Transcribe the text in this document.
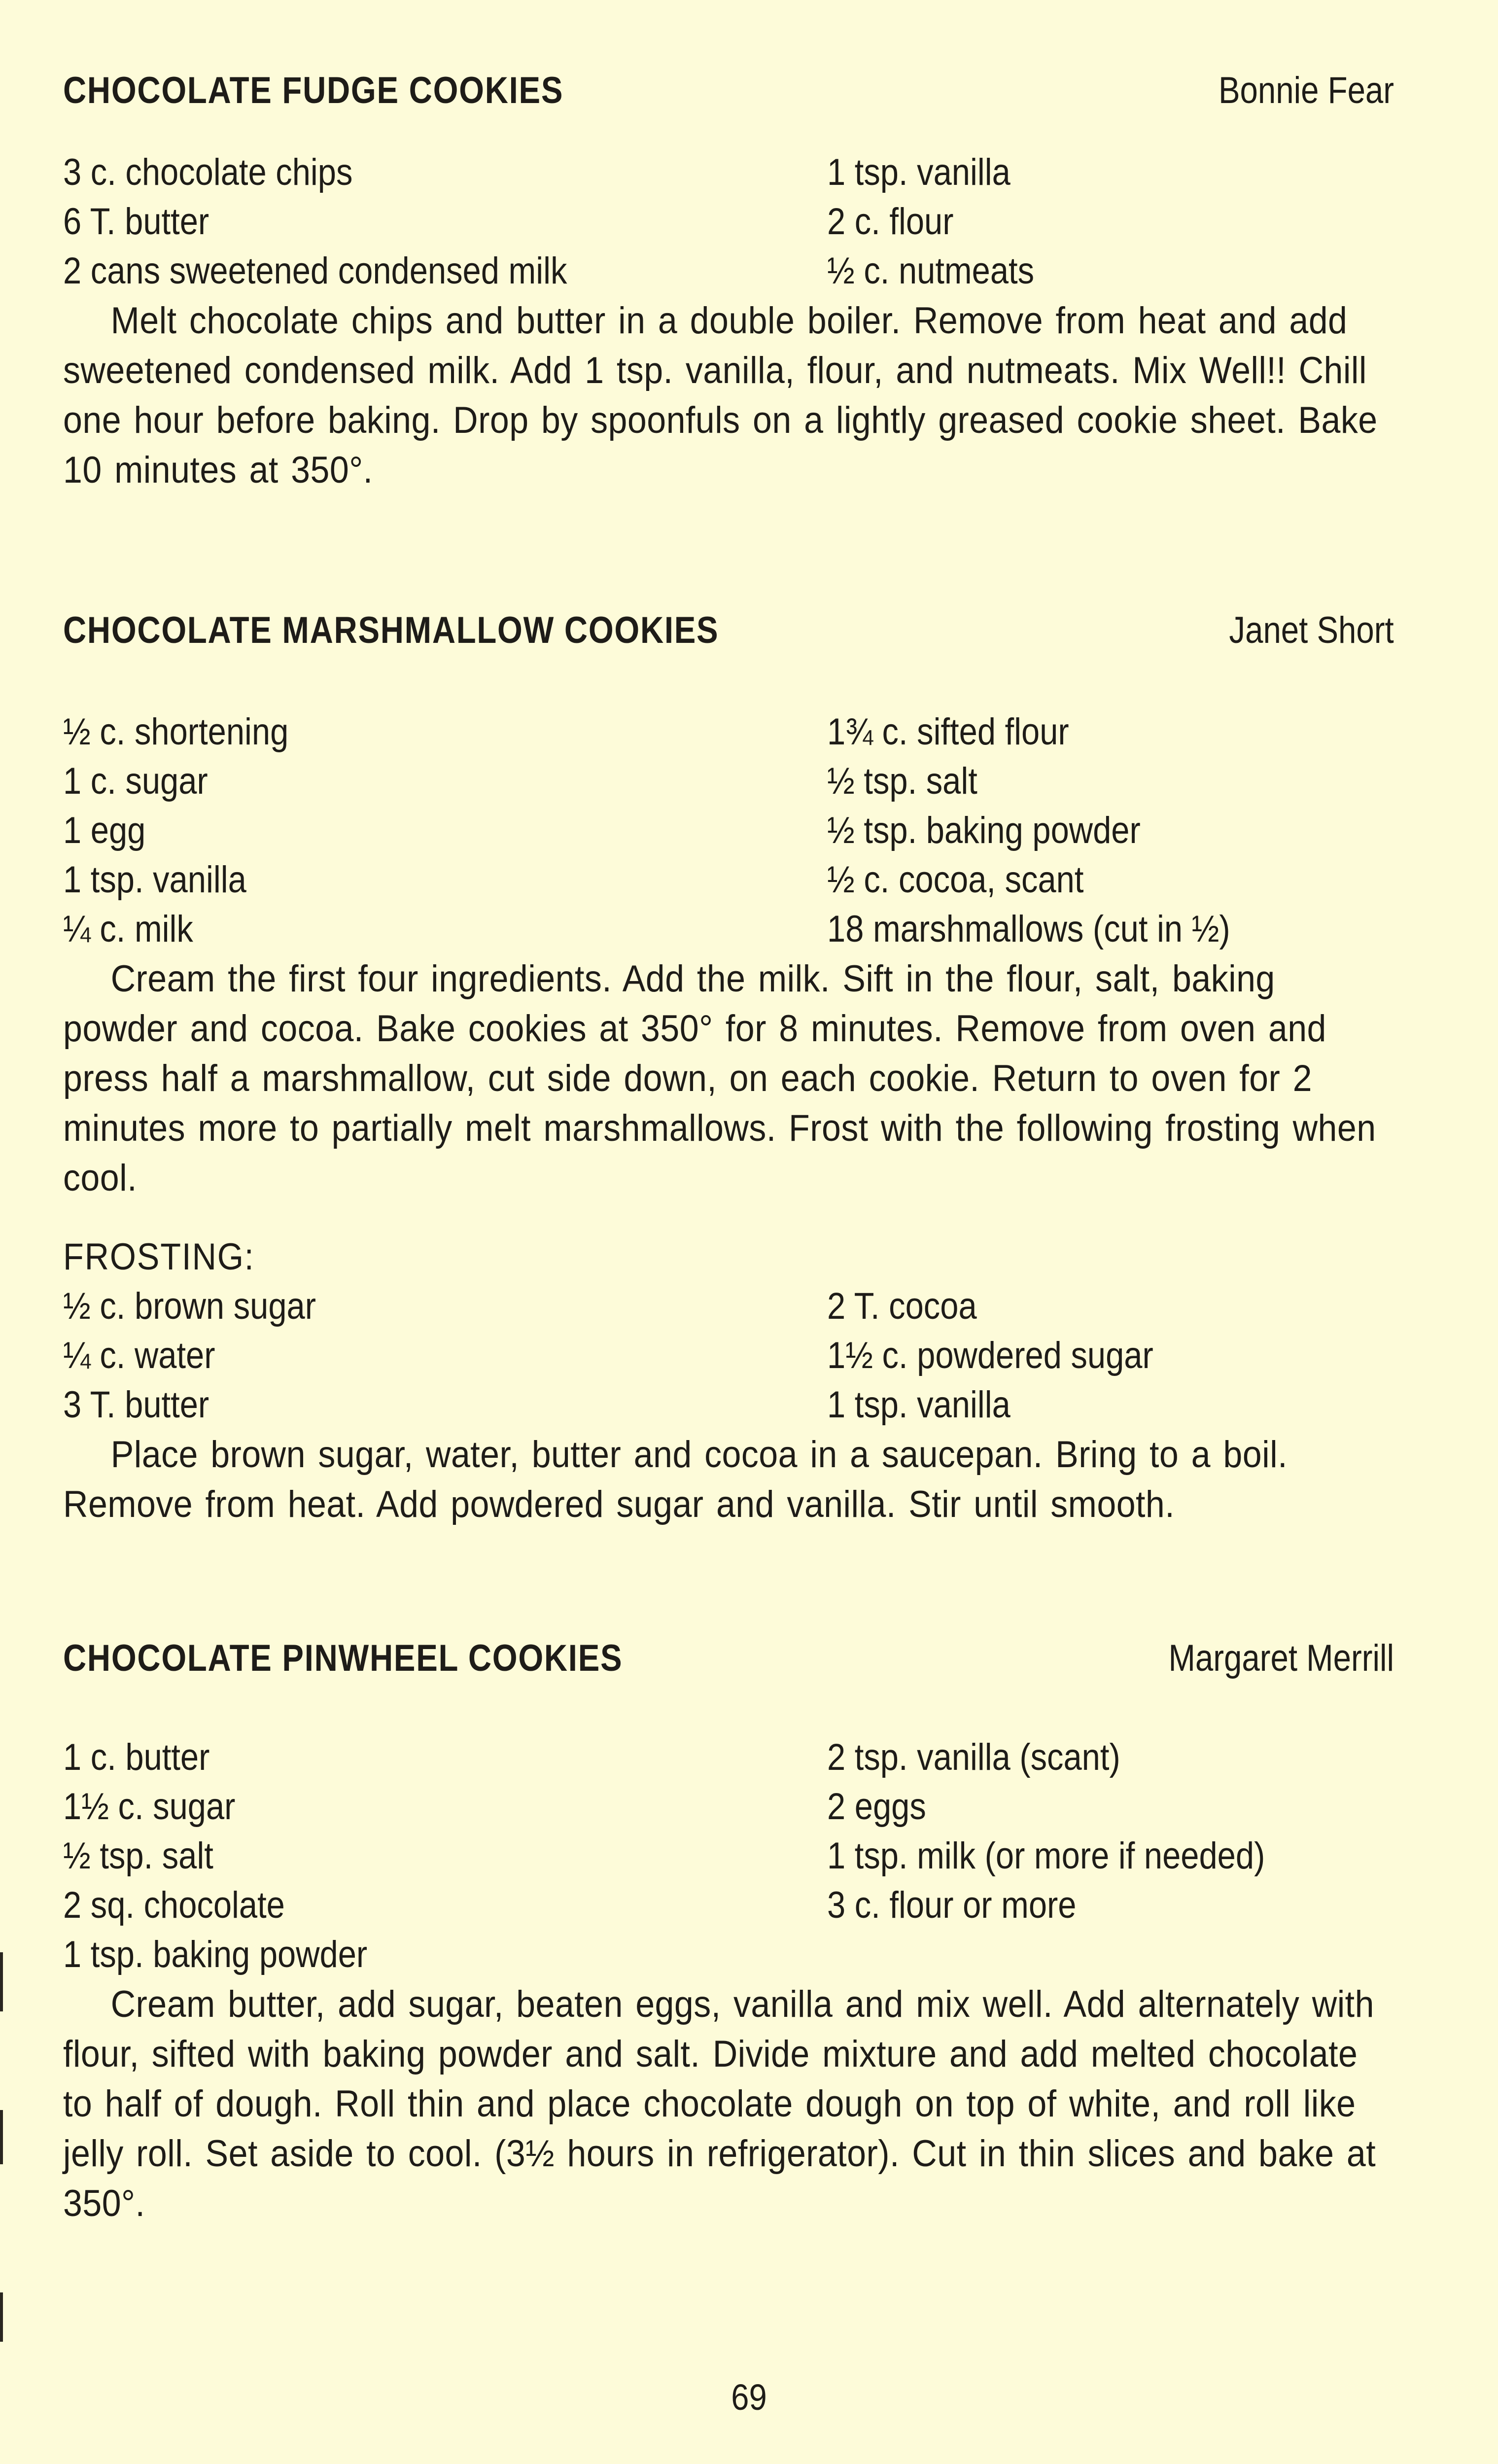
CHOCOLATE FUDGE COOKIES	Bonnie Fear
3 c. chocolate chips	1 tsp. vanilla
6 T. butter	2 c. flour
2 cans sweetened condensed milk	½ c. nutmeats

Melt chocolate chips and butter in a double boiler. Remove from heat and add sweetened condensed milk. Add 1 tsp. vanilla, flour, and nutmeats. Mix Well!! Chill one hour before baking. Drop by spoonfuls on a lightly greased cookie sheet. Bake 10 minutes at 350°.

CHOCOLATE MARSHMALLOW COOKIES	Janet Short
½ c. shortening	1¾ c. sifted flour
1 c. sugar	½ tsp. salt
1 egg	½ tsp. baking powder
1 tsp. vanilla	½ c. cocoa, scant
¼ c. milk	18 marshmallows (cut in ½)

Cream the first four ingredients. Add the milk. Sift in the flour, salt, baking powder and cocoa. Bake cookies at 350° for 8 minutes. Remove from oven and press half a marshmallow, cut side down, on each cookie. Return to oven for 2 minutes more to partially melt marshmallows. Frost with the following frosting when cool.

FROSTING:
½ c. brown sugar	2 T. cocoa
¼ c. water	1½ c. powdered sugar
3 T. butter	1 tsp. vanilla

Place brown sugar, water, butter and cocoa in a saucepan. Bring to a boil. Remove from heat. Add powdered sugar and vanilla. Stir until smooth.

CHOCOLATE PINWHEEL COOKIES	Margaret Merrill
1 c. butter	2 tsp. vanilla (scant)
1½ c. sugar	2 eggs
½ tsp. salt	1 tsp. milk (or more if needed)
2 sq. chocolate	3 c. flour or more
1 tsp. baking powder

Cream butter, add sugar, beaten eggs, vanilla and mix well. Add alternately with flour, sifted with baking powder and salt. Divide mixture and add melted chocolate to half of dough. Roll thin and place chocolate dough on top of white, and roll like jelly roll. Set aside to cool. (3½ hours in refrigerator). Cut in thin slices and bake at 350°.

69
